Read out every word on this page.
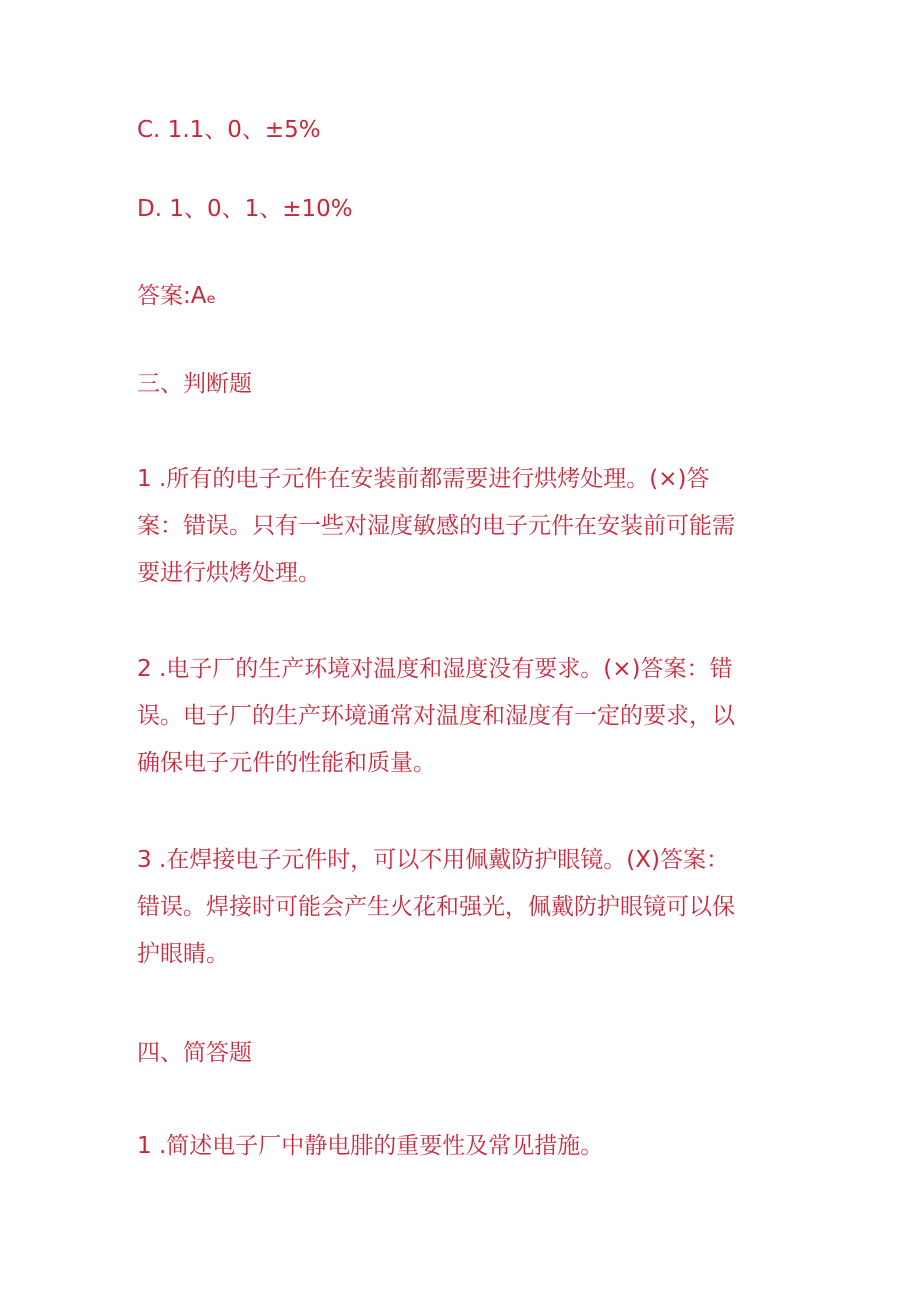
C. 1.1、0、±5%
D. 1、0、1、±10%
答案:Aₑ
三、判断题
1 .所有的电子元件在安装前都需要进行烘烤处理。(×)答
案：错误。只有一些对湿度敏感的电子元件在安装前可能需
要进行烘烤处理。
2 .电子厂的生产环境对温度和湿度没有要求。(×)答案：错
误。电子厂的生产环境通常对温度和湿度有一定的要求，以
确保电子元件的性能和质量。
3 .在焊接电子元件时，可以不用佩戴防护眼镜。(X)答案：
错误。焊接时可能会产生火花和强光，佩戴防护眼镜可以保
护眼睛。
四、简答题
1 .简述电子厂中静电腓的重要性及常见措施。
